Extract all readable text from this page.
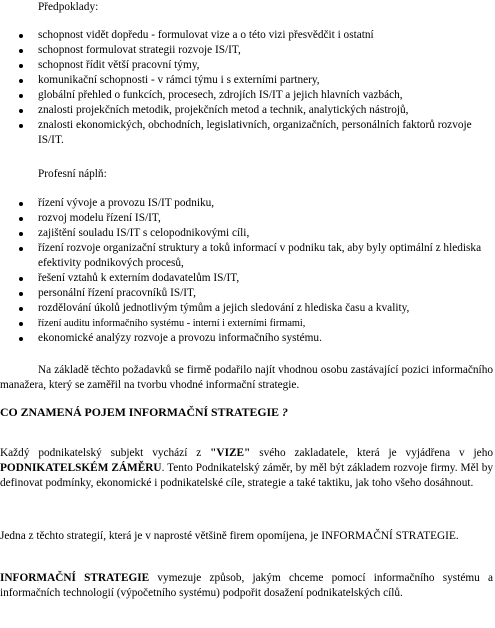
Předpoklady:
schopnost vidět dopředu - formulovat vize a o této vizi přesvědčit i ostatní
schopnost formulovat strategii rozvoje IS/IT,
schopnost řídit větší pracovní týmy,
komunikační schopnosti - v rámci týmu i s externími partnery,
globální přehled o funkcích, procesech, zdrojích IS/IT a jejich hlavních vazbách,
znalosti projekčních metodik, projekčních metod a technik, analytických nástrojů,
znalosti ekonomických, obchodních, legislativních, organizačních, personálních faktorů rozvoje IS/IT.
Profesní náplň:
řízení vývoje a provozu IS/IT podniku,
rozvoj modelu řízení IS/IT,
zajištění souladu IS/IT s celopodnikovými cíli,
řízení rozvoje organizační struktury a toků informací v podniku tak, aby byly optimální z hlediska efektivity podnikových procesů,
řešení vztahů k externím dodavatelům IS/IT,
personální řízení pracovníků IS/IT,
rozdělování úkolů jednotlivým týmům a jejich sledování z hlediska času a kvality,
řízení auditu informačního systému - interní i externími firmami,
ekonomické analýzy rozvoje a provozu informačního systému.
Na základě těchto požadavků se firmě podařilo najít vhodnou osobu zastávající pozici informačního manažera, který se zaměřil na tvorbu vhodné informační strategie.
CO ZNAMENÁ POJEM INFORMAČNÍ STRATEGIE ?
Každý podnikatelský subjekt vychází z "VIZE" svého zakladatele, která je vyjádřena v jeho PODNIKATELSKÉM ZÁMĚRU. Tento Podnikatelský záměr, by měl být základem rozvoje firmy. Měl by definovat podmínky, ekonomické i podnikatelské cíle, strategie a také taktiku, jak toho všeho dosáhnout.
Jedna z těchto strategií, která je v naprosté většině firem opomíjena, je INFORMAČNÍ STRATEGIE.
INFORMAČNÍ STRATEGIE vymezuje způsob, jakým chceme pomocí informačního systému a informačních technologií (výpočetního systému) podpořit dosažení podnikatelských cílů.
